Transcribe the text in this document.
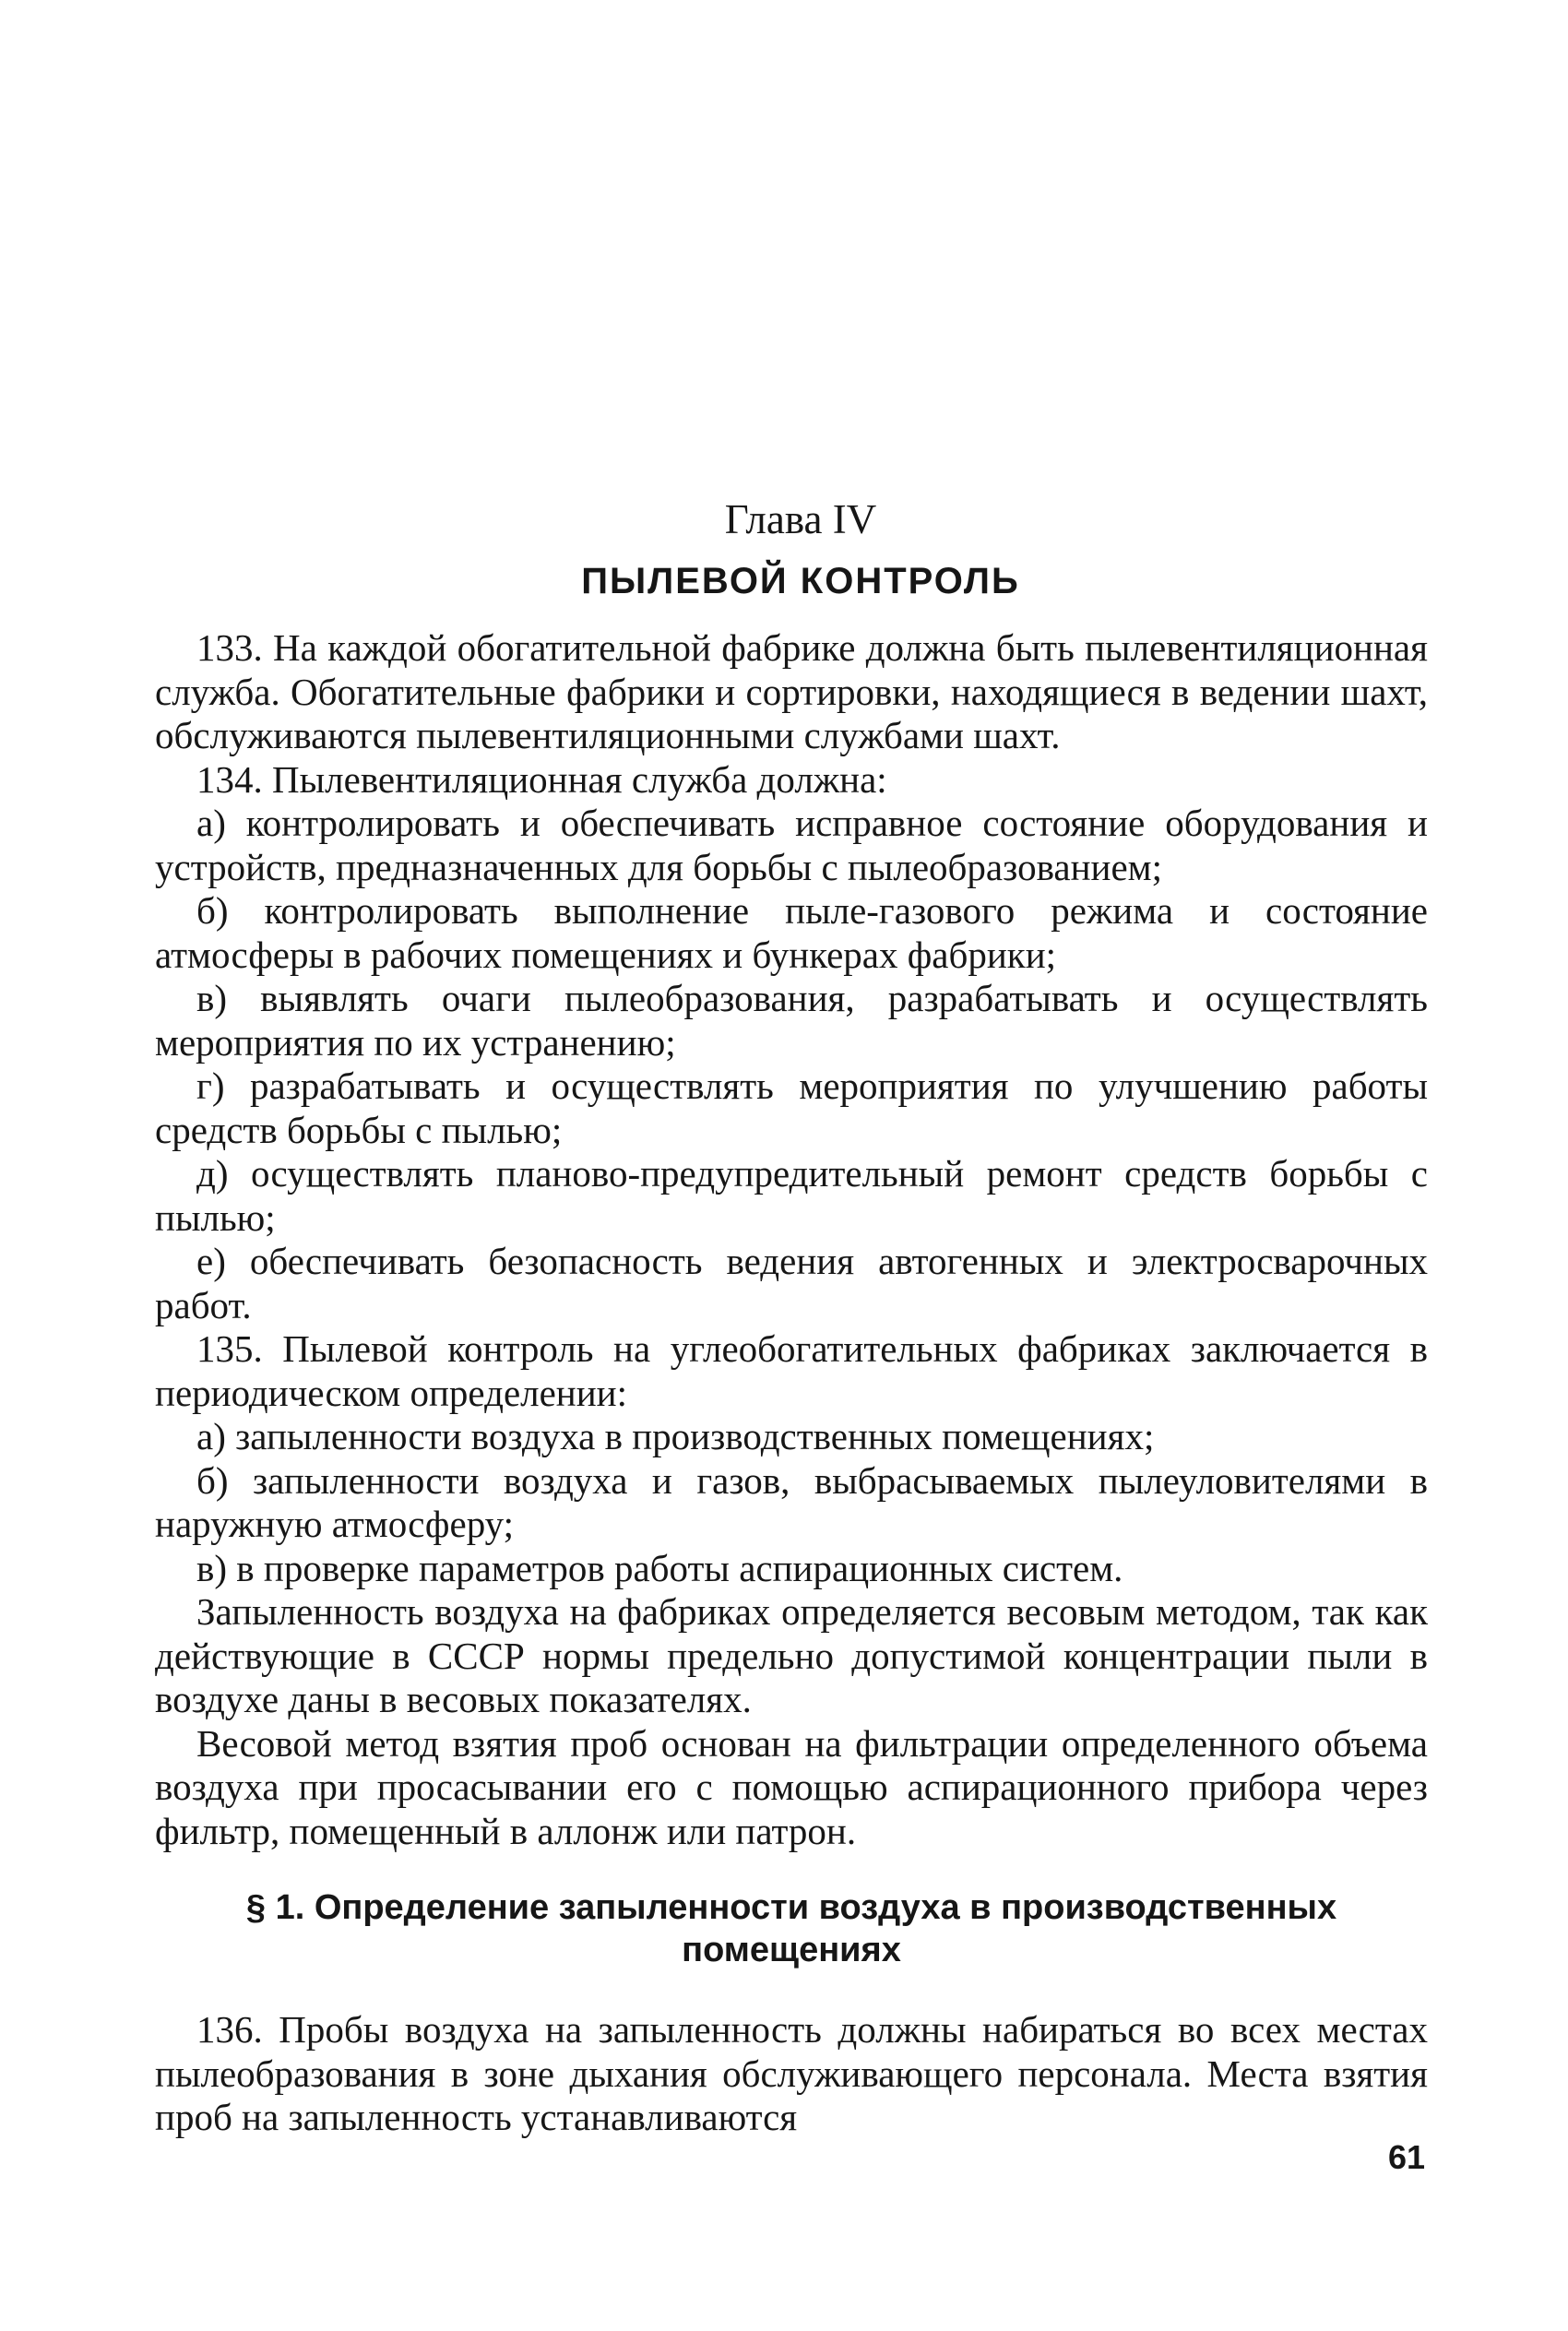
Глава IV
ПЫЛЕВОЙ КОНТРОЛЬ

133. На каждой обогатительной фабрике должна быть пылевентиляционная служба. Обогатительные фабрики и сортировки, находящиеся в ведении шахт, обслуживаются пылевентиляционными службами шахт.

134. Пылевентиляционная служба должна:

а) контролировать и обеспечивать исправное состояние оборудования и устройств, предназначенных для борьбы с пылеобразованием;

б) контролировать выполнение пыле-газового режима и состояние атмосферы в рабочих помещениях и бункерах фабрики;

в) выявлять очаги пылеобразования, разрабатывать и осуществлять мероприятия по их устранению;

г) разрабатывать и осуществлять мероприятия по улучшению работы средств борьбы с пылью;

д) осуществлять планово-предупредительный ремонт средств борьбы с пылью;

е) обеспечивать безопасность ведения автогенных и электросварочных работ.

135. Пылевой контроль на углеобогатительных фабриках заключается в периодическом определении:

а) запыленности воздуха в производственных помещениях;

б) запыленности воздуха и газов, выбрасываемых пылеуловителями в наружную атмосферу;

в) в проверке параметров работы аспирационных систем.

Запыленность воздуха на фабриках определяется весовым методом, так как действующие в СССР нормы предельно допустимой концентрации пыли в воздухе даны в весовых показателях.

Весовой метод взятия проб основан на фильтрации определенного объема воздуха при просасывании его с помощью аспирационного прибора через фильтр, помещенный в аллонж или патрон.

§ 1. Определение запыленности воздуха в производственных помещениях

136. Пробы воздуха на запыленность должны набираться во всех местах пылеобразования в зоне дыхания обслуживающего персонала. Места взятия проб на запыленность устанавливаются

61
